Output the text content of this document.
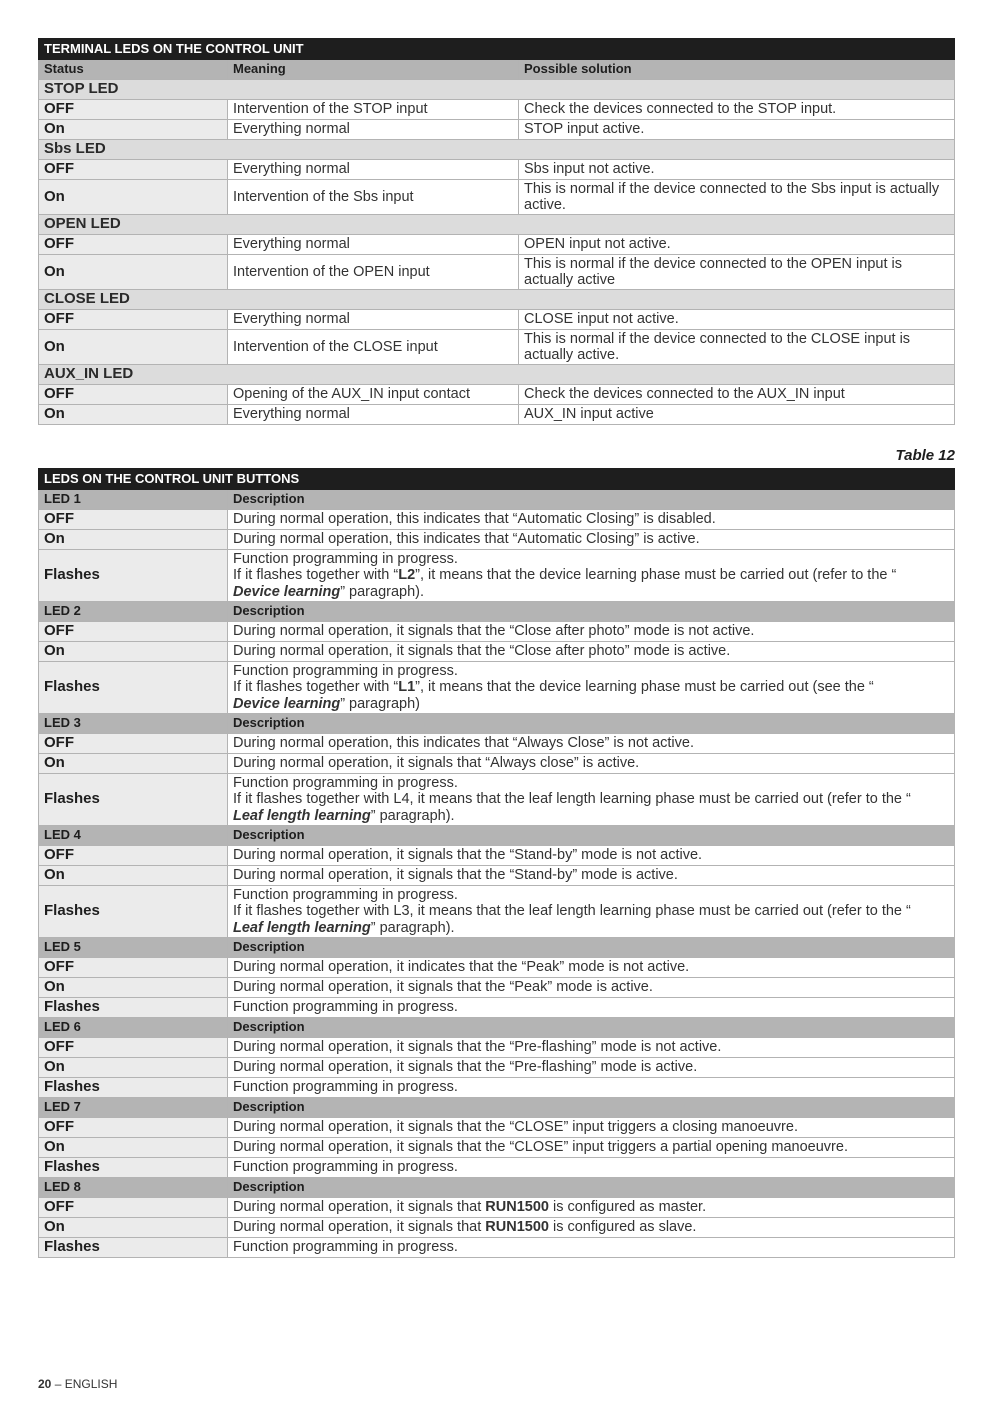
TERMINAL LEDS ON THE CONTROL UNIT		
Status	Meaning	Possible solution
STOP LED		
OFF	Intervention of the STOP input	Check the devices connected to the STOP input.
On	Everything normal	STOP input active.
Sbs LED		
OFF	Everything normal	Sbs input not active.
On	Intervention of the Sbs input	This is normal if the device connected to the Sbs input is actually active.
OPEN LED		
OFF	Everything normal	OPEN input not active.
On	Intervention of the OPEN input	This is normal if the device connected to the OPEN input is actually active
CLOSE LED		
OFF	Everything normal	CLOSE input not active.
On	Intervention of the CLOSE input	This is normal if the device connected to the CLOSE input is actually active.
AUX_IN LED		
OFF	Opening of the AUX_IN input contact	Check the devices connected to the AUX_IN input
On	Everything normal	AUX_IN input active
Table 12
LEDS ON THE CONTROL UNIT BUTTONS	
LED 1	Description
OFF	During normal operation, this indicates that “Automatic Closing” is disabled.
On	During normal operation, this indicates that “Automatic Closing” is active.
Flashes	Function programming in progress.
If it flashes together with “L2”, it means that the device learning phase must be carried out (refer to the “
Device learning” paragraph).
LED 2	Description
OFF	During normal operation, it signals that the “Close after photo” mode is not active.
On	During normal operation, it signals that the “Close after photo” mode is active.
Flashes	Function programming in progress.
If it flashes together with “L1”, it means that the device learning phase must be carried out (see the “
Device learning” paragraph)
LED 3	Description
OFF	During normal operation, this indicates that “Always Close” is not active.
On	During normal operation, it signals that “Always close” is active.
Flashes	Function programming in progress.
If it flashes together with L4, it means that the leaf length learning phase must be carried out (refer to the “
Leaf length learning” paragraph).
LED 4	Description
OFF	During normal operation, it signals that the “Stand-by” mode is not active.
On	During normal operation, it signals that the “Stand-by” mode is active.
Flashes	Function programming in progress.
If it flashes together with L3, it means that the leaf length learning phase must be carried out (refer to the “
Leaf length learning” paragraph).
LED 5	Description
OFF	During normal operation, it indicates that the “Peak” mode is not active.
On	During normal operation, it signals that the “Peak” mode is active.
Flashes	Function programming in progress.
LED 6	Description
OFF	During normal operation, it signals that the “Pre-flashing” mode is not active.
On	During normal operation, it signals that the “Pre-flashing” mode is active.
Flashes	Function programming in progress.
LED 7	Description
OFF	During normal operation, it signals that the “CLOSE” input triggers a closing manoeuvre.
On	During normal operation, it signals that the “CLOSE” input triggers a partial opening manoeuvre.
Flashes	Function programming in progress.
LED 8	Description
OFF	During normal operation, it signals that RUN1500 is configured as master.
On	During normal operation, it signals that RUN1500 is configured as slave.
Flashes	Function programming in progress.
20 – ENGLISH
